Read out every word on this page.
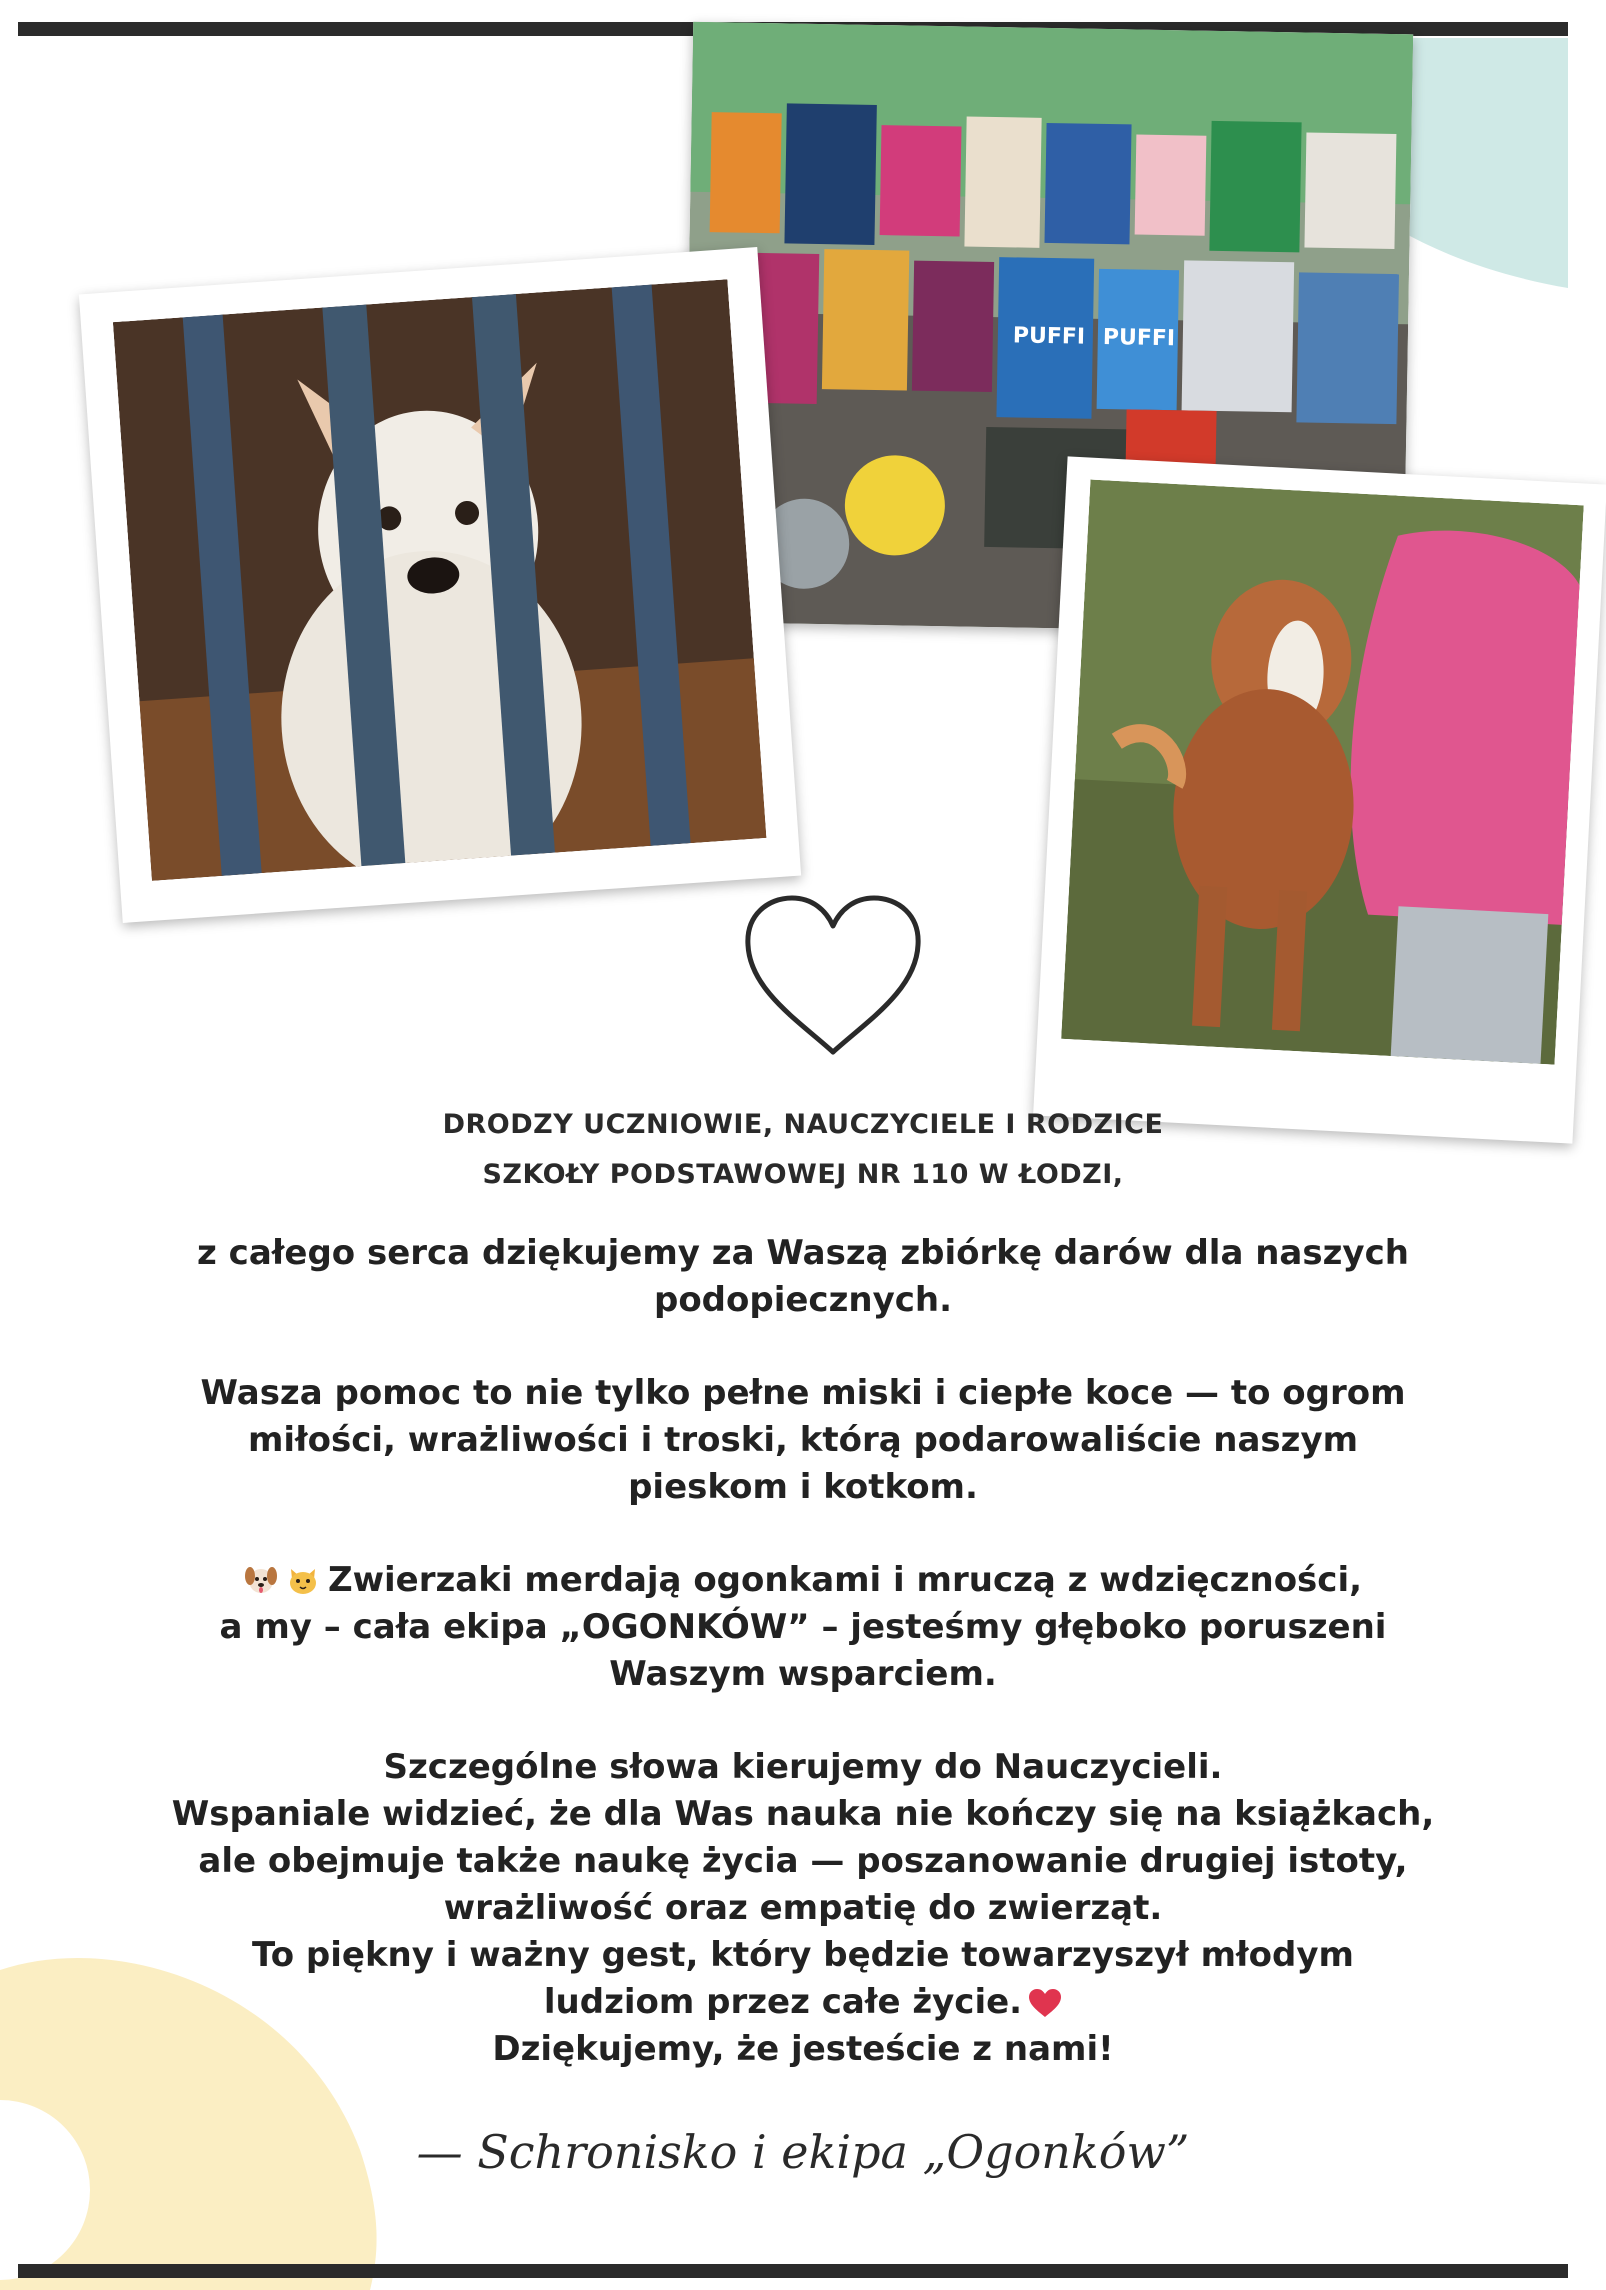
PUFFI PUFFI
DRODZY UCZNIOWIE, NAUCZYCIELE I RODZICE
SZKOŁY PODSTAWOWEJ NR 110 W ŁODZI,

z całego serca dziękujemy za Waszą zbiórkę darów dla naszych
podopiecznych.

Wasza pomoc to nie tylko pełne miski i ciepłe koce — to ogrom
miłości, wrażliwości i troski, którą podarowaliście naszym
pieskom i kotkom.

Zwierzaki merdają ogonkami i mruczą z wdzięczności,
a my – cała ekipa „OGONKÓW” – jesteśmy głęboko poruszeni
Waszym wsparciem.

Szczególne słowa kierujemy do Nauczycieli.
Wspaniale widzieć, że dla Was nauka nie kończy się na książkach,
ale obejmuje także naukę życia — poszanowanie drugiej istoty,
wrażliwość oraz empatię do zwierząt.
To piękny i ważny gest, który będzie towarzyszył młodym
ludziom przez całe życie.
Dziękujemy, że jesteście z nami!

— Schronisko i ekipa „Ogonków”
